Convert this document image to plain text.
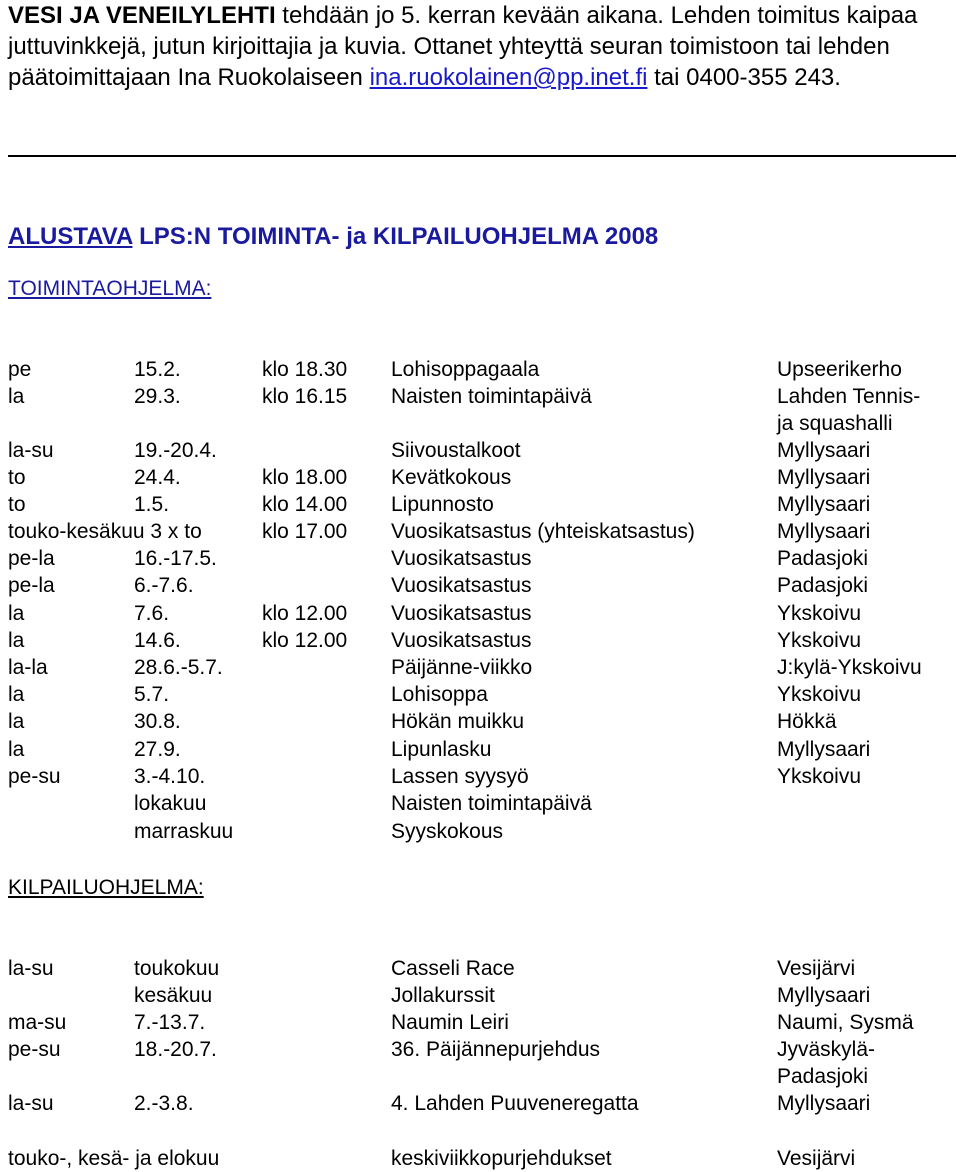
VESI JA VENEILYLEHTI tehdään jo 5. kerran kevään aikana. Lehden toimitus kaipaa juttuvinkkejä, jutun kirjoittajia ja kuvia. Ottanet yhteyttä seuran toimistoon tai lehden päätoimittajaan Ina Ruokolaiseen ina.ruokolainen@pp.inet.fi tai 0400-355 243.
ALUSTAVA LPS:N TOIMINTA- ja KILPAILUOHJELMA 2008
TOIMINTAOHJELMA:
pe	15.2.	klo 18.30 Lohisoppagaala	Upseerikerho
la	29.3.	klo 16.15 Naisten toimintapäivä	Lahden Tennis-
ja squashalli
la-su	19.-20.4.	Siivoustalkoot	Myllysaari
to	24.4.	klo 18.00 Kevätkokous	Myllysaari
to	1.5.	klo 14.00 Lipunnosto	Myllysaari
touko-kesäkuu 3 x to	klo 17.00 Vuosikatsastus (yhteiskatsastus)	Myllysaari
pe-la	16.-17.5.	Vuosikatsastus	Padasjoki
pe-la	6.-7.6.	Vuosikatsastus	Padasjoki
la	7.6.	klo 12.00 Vuosikatsastus	Ykskoivu
la	14.6.	klo 12.00 Vuosikatsastus	Ykskoivu
la-la	28.6.-5.7.	Päijänne-viikko	J:kylä-Ykskoivu
la	5.7.	Lohisoppa	Ykskoivu
la	30.8.	Hökän muikku	Hökkä
la	27.9.	Lipunlasku	Myllysaari
pe-su	3.-4.10.	Lassen syysyö	Ykskoivu
lokakuu	Naisten toimintapäivä
marraskuu	Syyskokous
KILPAILUOHJELMA:
la-su	toukokuu	Casseli Race	Vesijärvi
kesäkuu	Jollakurssit	Myllysaari
ma-su	7.-13.7.	Naumin Leiri	Naumi, Sysmä
pe-su	18.-20.7.	36. Päijännepurjehdus	Jyväskylä-
Padasjoki
la-su	2.-3.8.	4. Lahden Puuveneregatta	Myllysaari
touko-, kesä- ja elokuu	keskiviikkopurjehdukset	Vesijärvi
